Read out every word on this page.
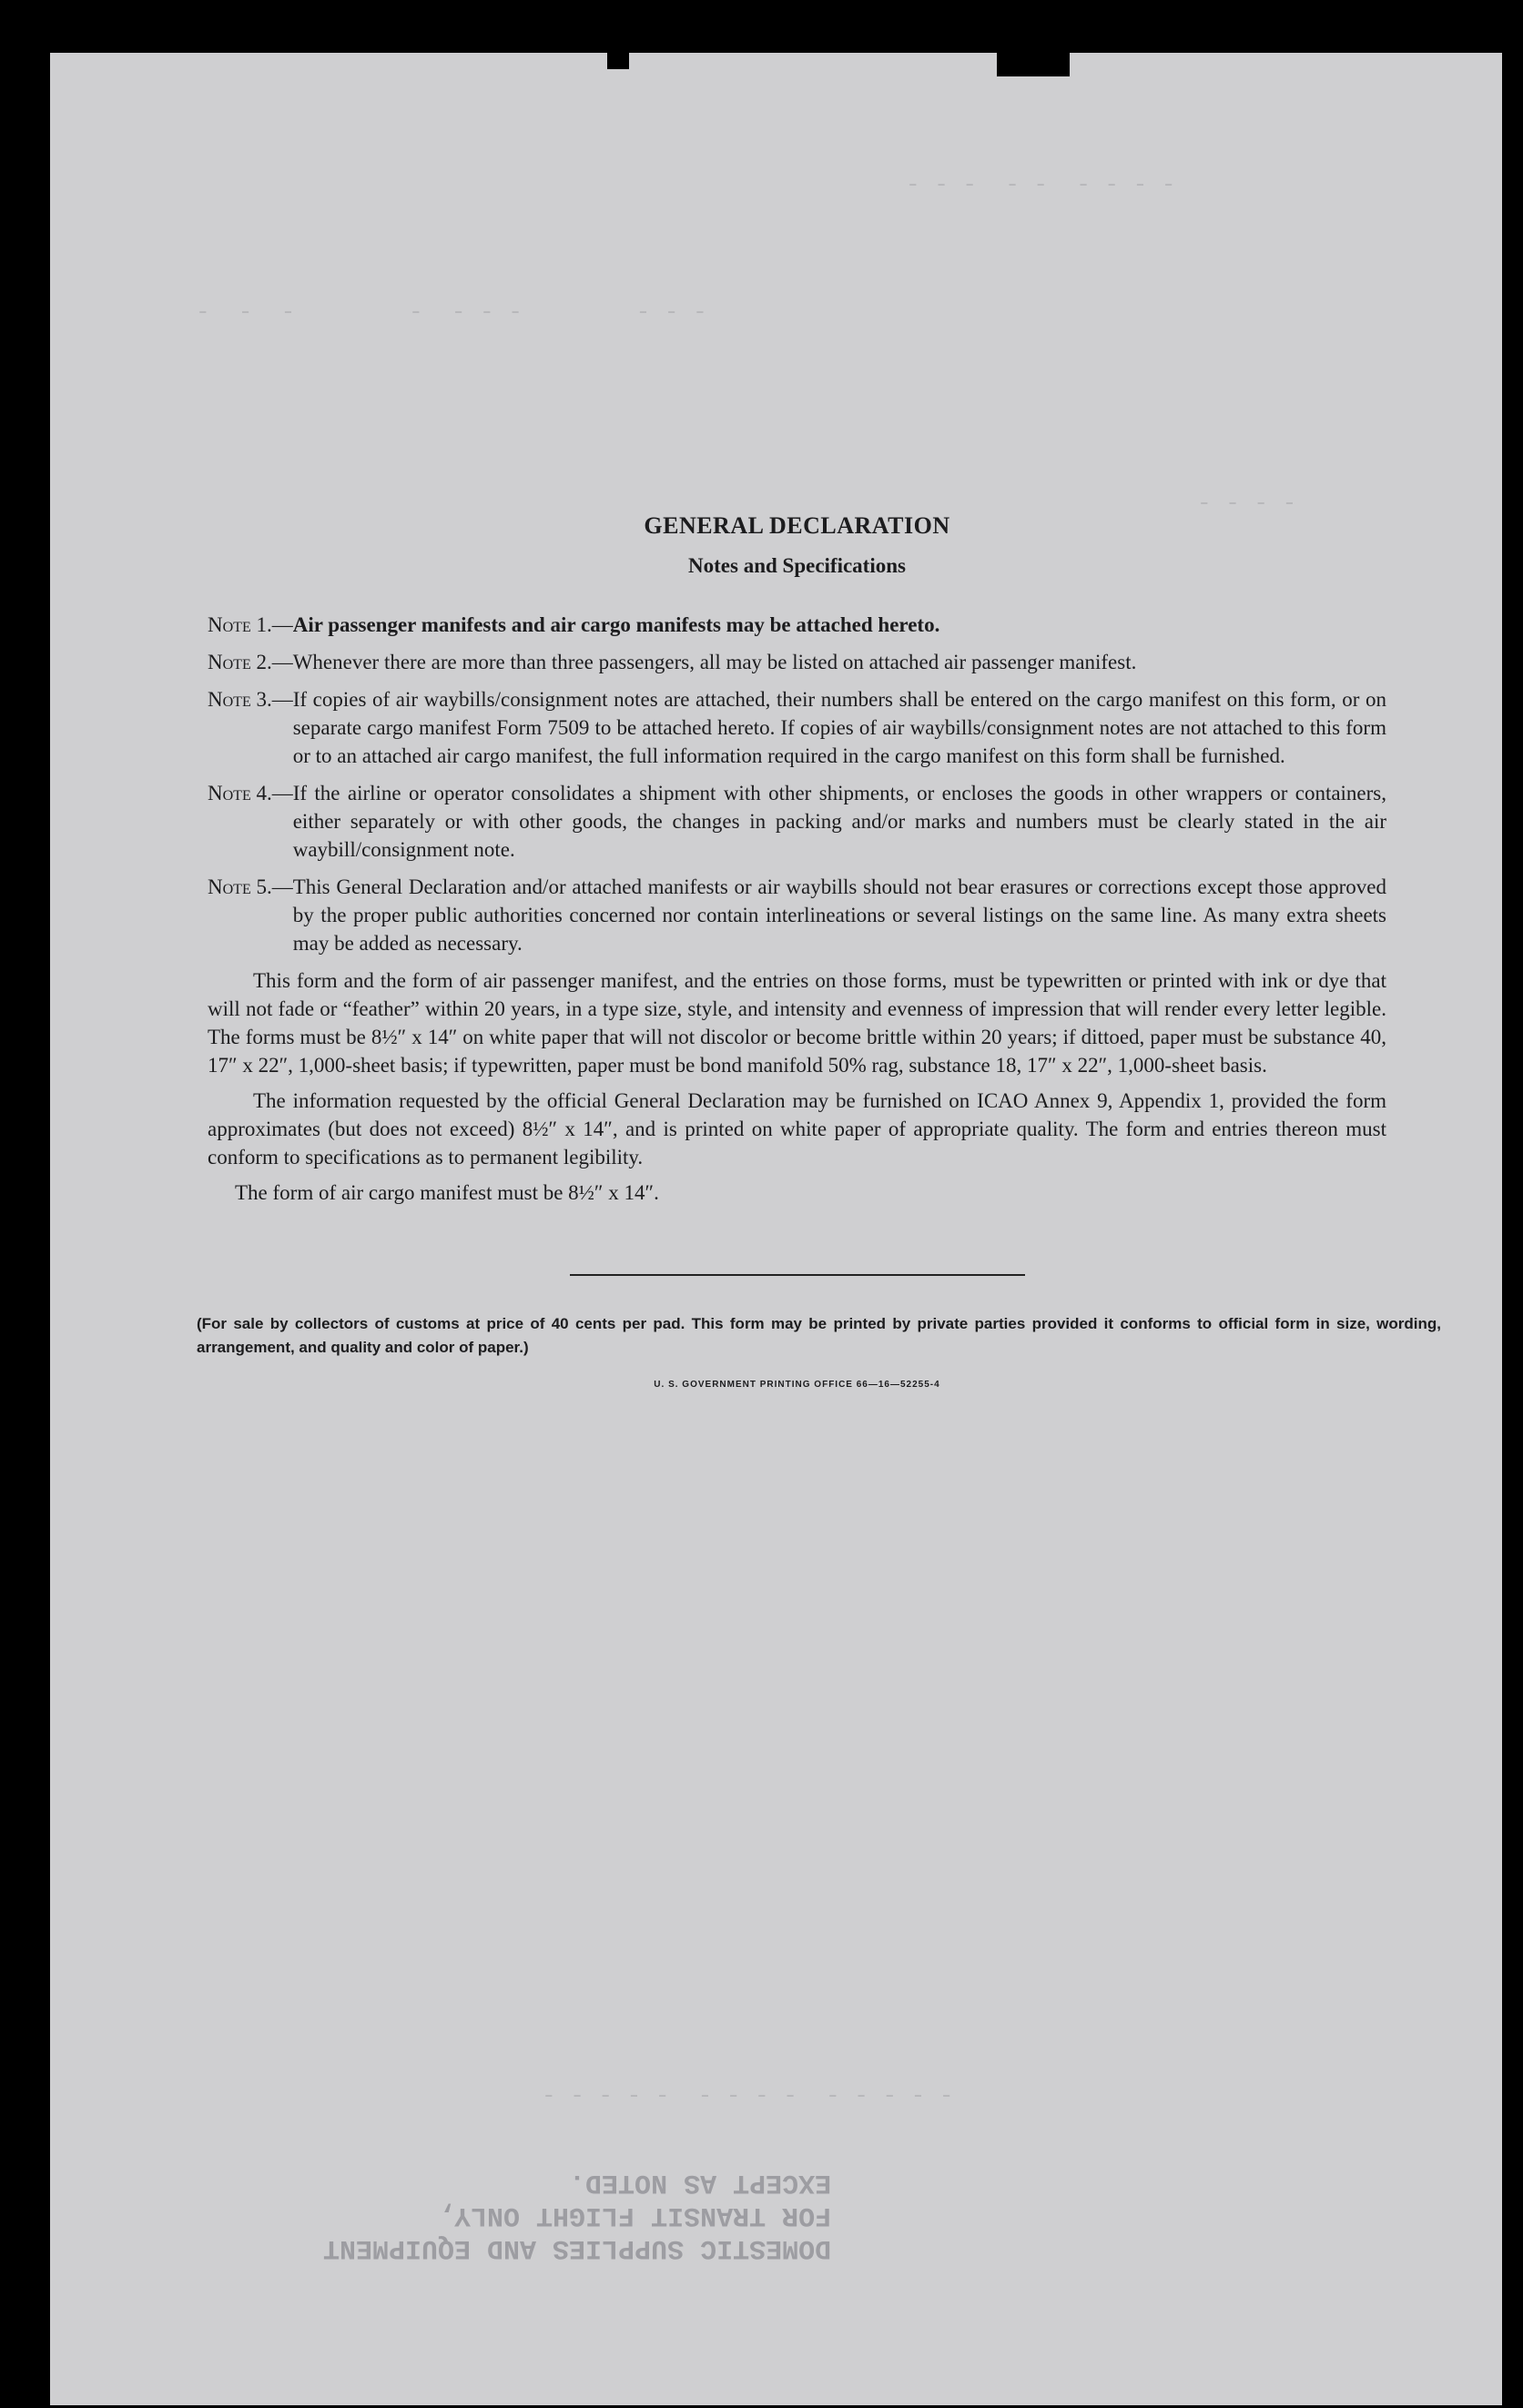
- - -  - -  - - - -
-  -  -        -  - - -        - - -
- - - -
- - - - -  - - - -  - - - - -
GENERAL DECLARATION
Notes and Specifications
Note 1.— Air passenger manifests and air cargo manifests may be attached hereto.
Note 2.— Whenever there are more than three passengers, all may be listed on attached air passenger manifest.
Note 3.— If copies of air waybills/consignment notes are attached, their numbers shall be entered on the cargo manifest on this form, or on separate cargo manifest Form 7509 to be attached hereto. If copies of air waybills/consignment notes are not attached to this form or to an attached air cargo manifest, the full information required in the cargo manifest on this form shall be furnished.
Note 4.— If the airline or operator consolidates a shipment with other shipments, or encloses the goods in other wrappers or containers, either separately or with other goods, the changes in packing and/or marks and numbers must be clearly stated in the air waybill/consignment note.
Note 5.— This General Declaration and/or attached manifests or air waybills should not bear erasures or corrections except those approved by the proper public authorities concerned nor contain interlineations or several listings on the same line. As many extra sheets may be added as necessary.

This form and the form of air passenger manifest, and the entries on those forms, must be typewritten or printed with ink or dye that will not fade or “feather” within 20 years, in a type size, style, and intensity and evenness of impression that will render every letter legible. The forms must be 8½″ x 14″ on white paper that will not discolor or become brittle within 20 years; if dittoed, paper must be substance 40, 17″ x 22″, 1,000-sheet basis; if typewritten, paper must be bond manifold 50% rag, substance 18, 17″ x 22″, 1,000-sheet basis.

The information requested by the official General Declaration may be furnished on ICAO Annex 9, Appendix 1, provided the form approximates (but does not exceed) 8½″ x 14″, and is printed on white paper of appropriate quality. The form and entries thereon must conform to specifications as to permanent legibility.

The form of air cargo manifest must be 8½″ x 14″.

(For sale by collectors of customs at price of 40 cents per pad. This form may be printed by private parties provided it conforms to official form in size, wording, arrangement, and quality and color of paper.)

U. S. GOVERNMENT PRINTING OFFICE 66—16—52255-4
DOMESTIC SUPPLIES AND EQUIPMENT
FOR TRANSIT FLIGHT ONLY,
EXCEPT AS NOTED.
